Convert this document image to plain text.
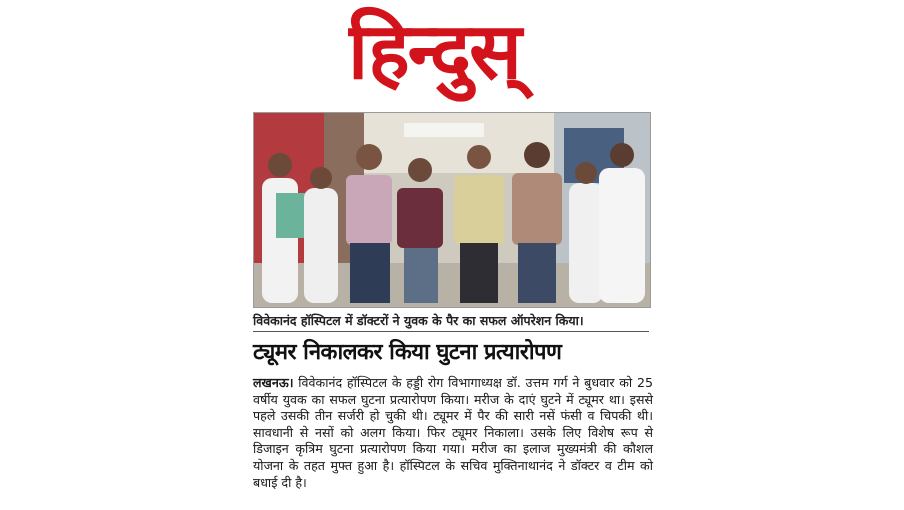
हिन्दुस्
विवेकानंद हॉस्पिटल में डॉक्टरों ने युवक के पैर का सफल ऑपरेशन किया।
ट्यूमर निकालकर किया घुटना प्रत्यारोपण

लखनऊ। विवेकानंद हॉस्पिटल के हड्डी रोग विभागाध्यक्ष डॉ. उत्तम गर्ग ने बुधवार को 25 वर्षीय युवक का सफल घुटना प्रत्यारोपण किया। मरीज के दाएं घुटने में ट्यूमर था। इससे पहले उसकी तीन सर्जरी हो चुकी थी। ट्यूमर में पैर की सारी नसें फंसी व चिपकी थी। सावधानी से नसों को अलग किया। फिर ट्यूमर निकाला। उसके लिए विशेष रूप से डिजाइन कृत्रिम घुटना प्रत्यारोपण किया गया। मरीज का इलाज मुख्यमंत्री की कौशल योजना के तहत मुफ्त हुआ है। हॉस्पिटल के सचिव मुक्तिनाथानंद ने डॉक्टर व टीम को बधाई दी है।
